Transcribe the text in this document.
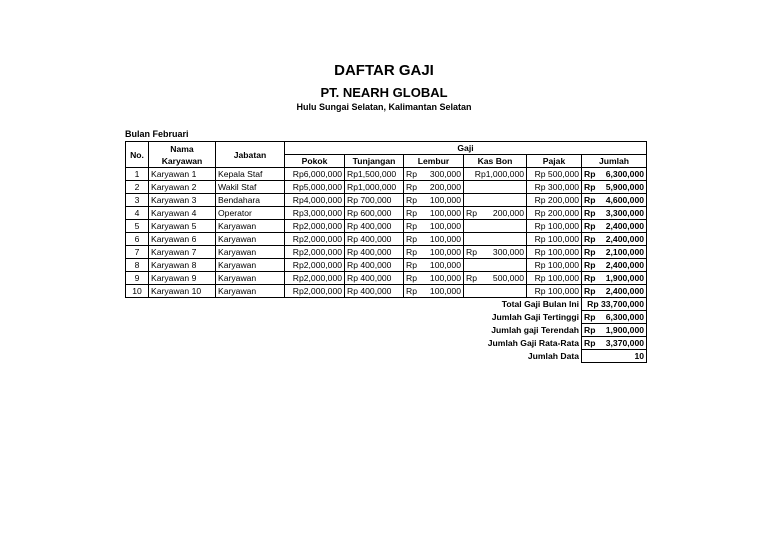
DAFTAR GAJI
PT. NEARH GLOBAL
Hulu Sungai Selatan, Kalimantan Selatan
Bulan Februari
No.	Nama Karyawan	Jabatan	Gaji					
			Pokok	Tunjangan	Lembur	Kas Bon	Pajak	Jumlah
1	Karyawan 1	Kepala Staf	Rp6,000,000	Rp1,500,000	Rp 300,000	Rp1,000,000	Rp 500,000	Rp 6,300,000

2	Karyawan 2	Wakil Staf	Rp5,000,000	Rp1,000,000	Rp 200,000		Rp 300,000	Rp 5,900,000

3	Karyawan 3	Bendahara	Rp4,000,000	Rp 700,000	Rp 100,000		Rp 200,000	Rp 4,600,000

4	Karyawan 4	Operator	Rp3,000,000	Rp 600,000	Rp 100,000	Rp 200,000	Rp 200,000	Rp 3,300,000

5	Karyawan 5	Karyawan	Rp2,000,000	Rp 400,000	Rp 100,000		Rp 100,000	Rp 2,400,000

6	Karyawan 6	Karyawan	Rp2,000,000	Rp 400,000	Rp 100,000		Rp 100,000	Rp 2,400,000

7	Karyawan 7	Karyawan	Rp2,000,000	Rp 400,000	Rp 100,000	Rp 300,000	Rp 100,000	Rp 2,100,000

8	Karyawan 8	Karyawan	Rp2,000,000	Rp 400,000	Rp 100,000		Rp 100,000	Rp 2,400,000

9	Karyawan 9	Karyawan	Rp2,000,000	Rp 400,000	Rp 100,000	Rp 500,000	Rp 100,000	Rp 1,900,000

10	Karyawan 10	Karyawan	Rp2,000,000	Rp 400,000	Rp 100,000		Rp 100,000	Rp 2,400,000

				Total Gaji Bulan Ini				Rp 33,700,000
				Jumlah Gaji Tertinggi				Rp 6,300,000

				Jumlah gaji Terendah				Rp 1,900,000

				Jumlah Gaji Rata-Rata				Rp 3,370,000

				Jumlah Data				10
